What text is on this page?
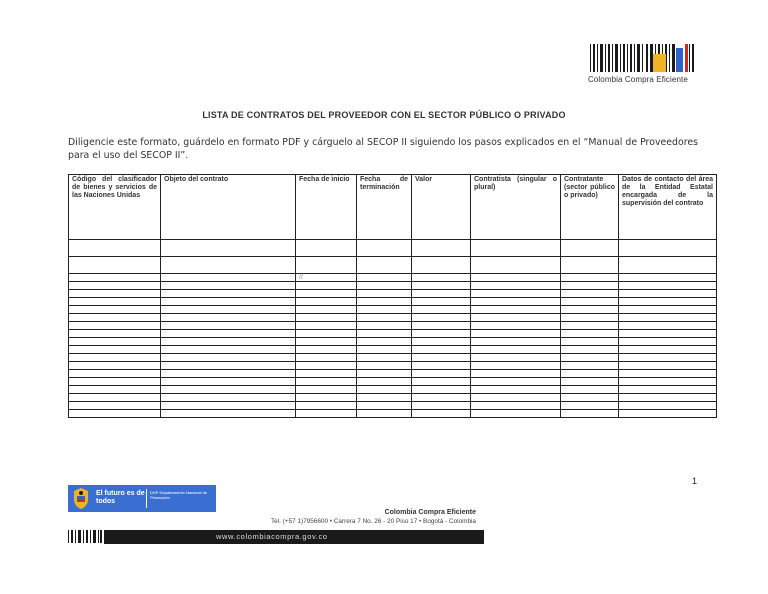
Colombia Compra Eficiente
LISTA DE CONTRATOS DEL PROVEEDOR CON EL SECTOR PÚBLICO O PRIVADO
Diligencie este formato, guárdelo en formato PDF y cárguelo al SECOP II siguiendo los pasos explicados en el “Manual de Proveedores para el uso del SECOP II”.
Código del clasificador de bienes y servicios de las Naciones Unidas	Objeto del contrato	Fecha de inicio	Fecha de terminación	Valor	Contratista (singular o plural)	Contratante (sector público o privado)	Datos de contacto del área de la Entidad Estatal encargada de la supervisión del contrato

		//					

1
El futuro es de todos
DNP Departamento Nacional de Planeación
Colombia Compra Eficiente
Tel. (+57 1)7956600 • Carrera 7 No. 26 - 20 Piso 17 • Bogotá - Colombia
www.colombiacompra.gov.co
